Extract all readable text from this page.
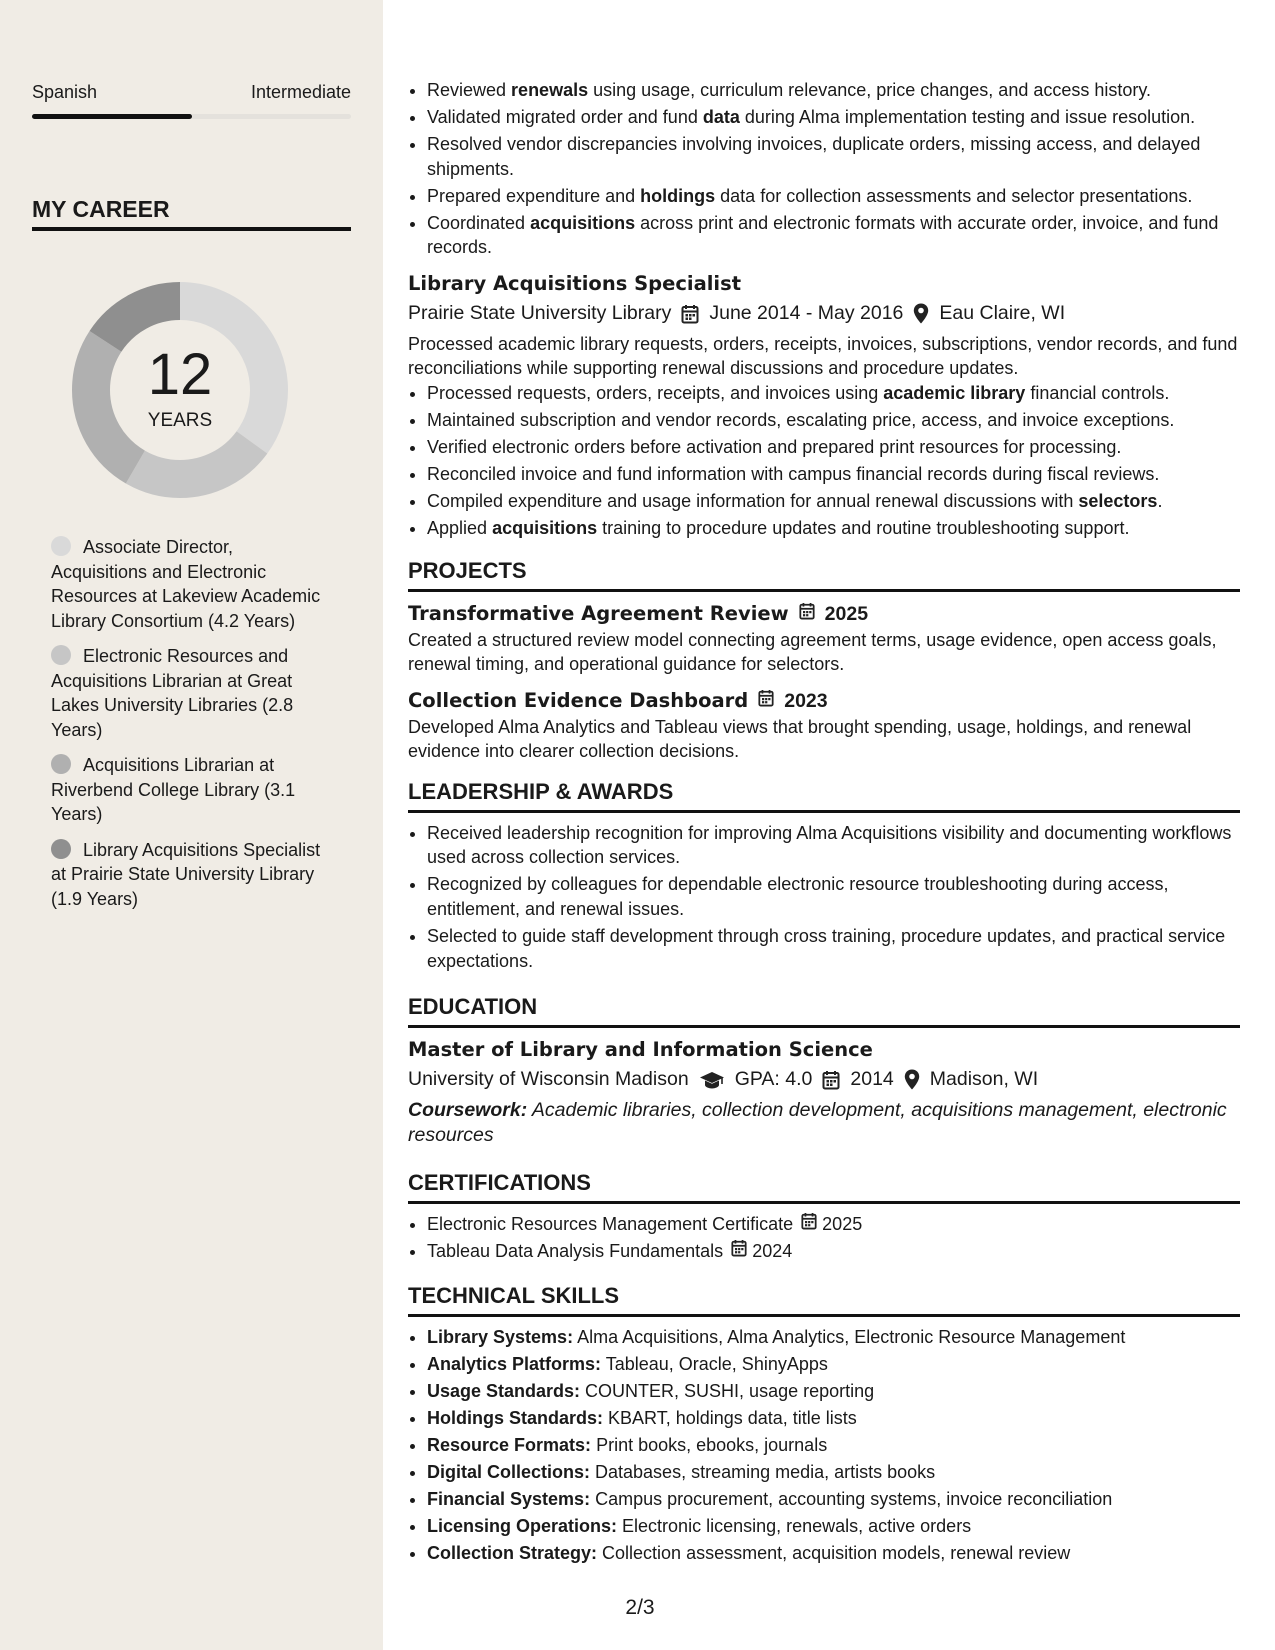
Spanish	Intermediate
MY CAREER
12
YEARS
Associate Director, Acquisitions and Electronic Resources at Lakeview Academic Library Consortium (4.2 Years)
Electronic Resources and Acquisitions Librarian at Great Lakes University Libraries (2.8 Years)
Acquisitions Librarian at Riverbend College Library (3.1 Years)
Library Acquisitions Specialist at Prairie State University Library (1.9 Years)
• Reviewed renewals using usage, curriculum relevance, price changes, and access history.
• Validated migrated order and fund data during Alma implementation testing and issue resolution.
• Resolved vendor discrepancies involving invoices, duplicate orders, missing access, and delayed shipments.
• Prepared expenditure and holdings data for collection assessments and selector presentations.
• Coordinated acquisitions across print and electronic formats with accurate order, invoice, and fund records.
Library Acquisitions Specialist
Prairie State University Library June 2014 - May 2016 Eau Claire, WI
Processed academic library requests, orders, receipts, invoices, subscriptions, vendor records, and fund reconciliations while supporting renewal discussions and procedure updates.
• Processed requests, orders, receipts, and invoices using academic library financial controls.
• Maintained subscription and vendor records, escalating price, access, and invoice exceptions.
• Verified electronic orders before activation and prepared print resources for processing.
• Reconciled invoice and fund information with campus financial records during fiscal reviews.
• Compiled expenditure and usage information for annual renewal discussions with selectors.
• Applied acquisitions training to procedure updates and routine troubleshooting support.
PROJECTS
Transformative Agreement Review 2025
Created a structured review model connecting agreement terms, usage evidence, open access goals, renewal timing, and operational guidance for selectors.
Collection Evidence Dashboard 2023
Developed Alma Analytics and Tableau views that brought spending, usage, holdings, and renewal evidence into clearer collection decisions.
LEADERSHIP & AWARDS
• Received leadership recognition for improving Alma Acquisitions visibility and documenting workflows used across collection services.
• Recognized by colleagues for dependable electronic resource troubleshooting during access, entitlement, and renewal issues.
• Selected to guide staff development through cross training, procedure updates, and practical service expectations.
EDUCATION
Master of Library and Information Science
University of Wisconsin Madison GPA: 4.0 2014 Madison, WI
Coursework: Academic libraries, collection development, acquisitions management, electronic resources
CERTIFICATIONS
• Electronic Resources Management Certificate 2025
• Tableau Data Analysis Fundamentals 2024
TECHNICAL SKILLS
• Library Systems: Alma Acquisitions, Alma Analytics, Electronic Resource Management
• Analytics Platforms: Tableau, Oracle, ShinyApps
• Usage Standards: COUNTER, SUSHI, usage reporting
• Holdings Standards: KBART, holdings data, title lists
• Resource Formats: Print books, ebooks, journals
• Digital Collections: Databases, streaming media, artists books
• Financial Systems: Campus procurement, accounting systems, invoice reconciliation
• Licensing Operations: Electronic licensing, renewals, active orders
• Collection Strategy: Collection assessment, acquisition models, renewal review
2/3
